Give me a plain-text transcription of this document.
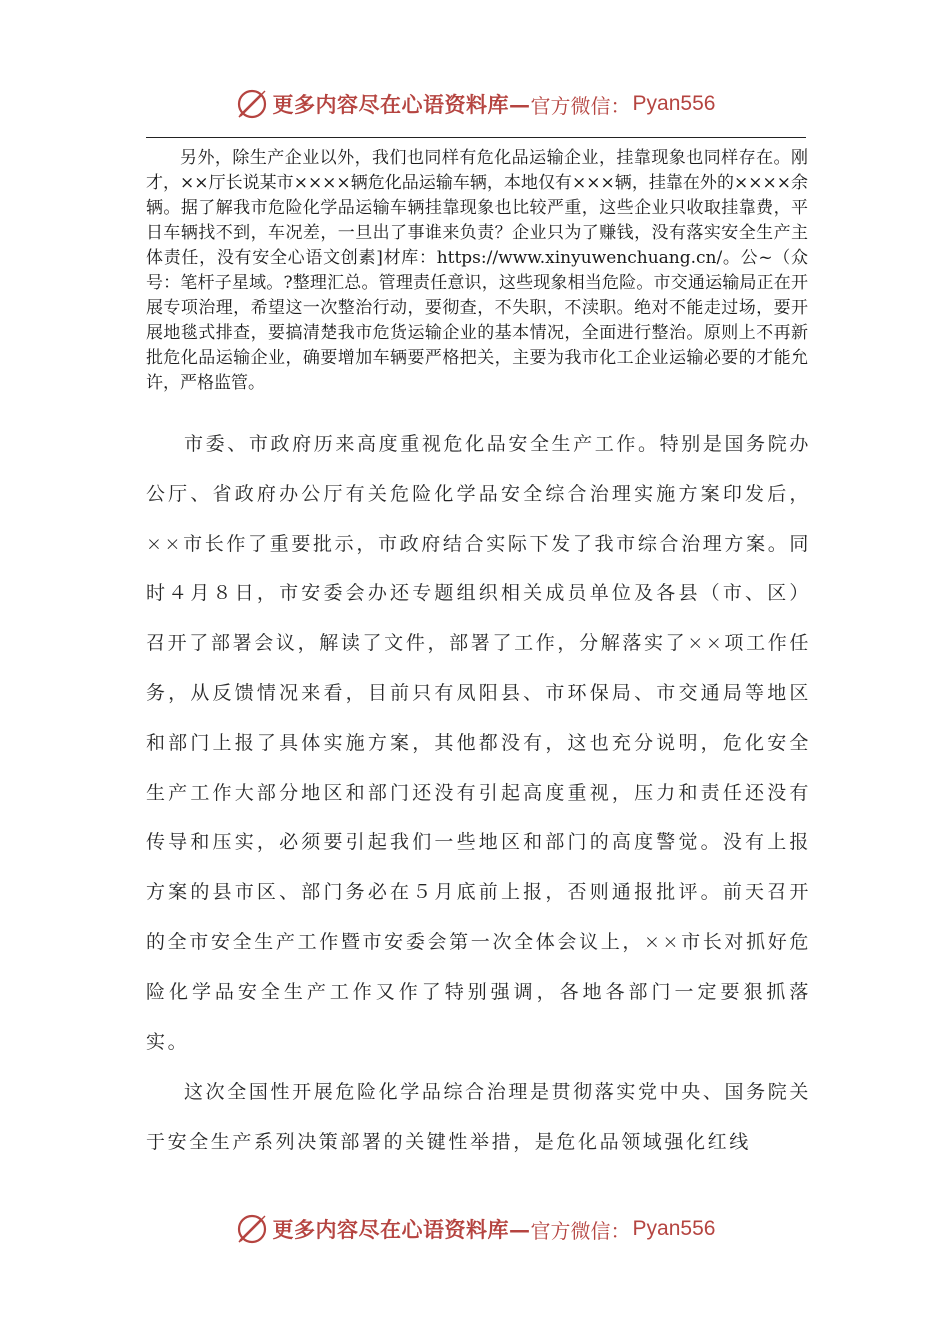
更多内容尽在心语资料库— 官方微信： Pyan556

另外，除生产企业以外，我们也同样有危化品运输企业，挂靠现象也同样存在。刚才，××厅长说某市××××辆危化品运输车辆，本地仅有×××辆，挂靠在外的××××余辆。据了解我市危险化学品运输车辆挂靠现象也比较严重，这些企业只收取挂靠费，平日车辆找不到，车况差，一旦出了事谁来负责？企业只为了赚钱，没有落实安全生产主体责任，没有安全心语文创素]材库：https://www.xinyuwenchuang.cn/。公~（众号：笔杆子星域。?整理汇总。管理责任意识，这些现象相当危险。市交通运输局正在开展专项治理，希望这一次整治行动，要彻查，不失职，不渎职。绝对不能走过场，要开展地毯式排查，要搞清楚我市危货运输企业的基本情况，全面进行整治。原则上不再新批危化品运输企业，确要增加车辆要严格把关，主要为我市化工企业运输必要的才能允许，严格监管。

市委、市政府历来高度重视危化品安全生产工作。特别是国务院办公厅、省政府办公厅有关危险化学品安全综合治理实施方案印发后，××市长作了重要批示，市政府结合实际下发了我市综合治理方案。同时４月８日，市安委会办还专题组织相关成员单位及各县（市、区）召开了部署会议，解读了文件，部署了工作，分解落实了××项工作任务，从反馈情况来看，目前只有凤阳县、市环保局、市交通局等地区和部门上报了具体实施方案，其他都没有，这也充分说明，危化安全生产工作大部分地区和部门还没有引起高度重视，压力和责任还没有传导和压实，必须要引起我们一些地区和部门的高度警觉。没有上报方案的县市区、部门务必在５月底前上报，否则通报批评。前天召开的全市安全生产工作暨市安委会第一次全体会议上，××市长对抓好危险化学品安全生产工作又作了特别强调，各地各部门一定要狠抓落实。

这次全国性开展危险化学品综合治理是贯彻落实党中央、国务院关于安全生产系列决策部署的关键性举措，是危化品领域强化红线

更多内容尽在心语资料库— 官方微信： Pyan556
